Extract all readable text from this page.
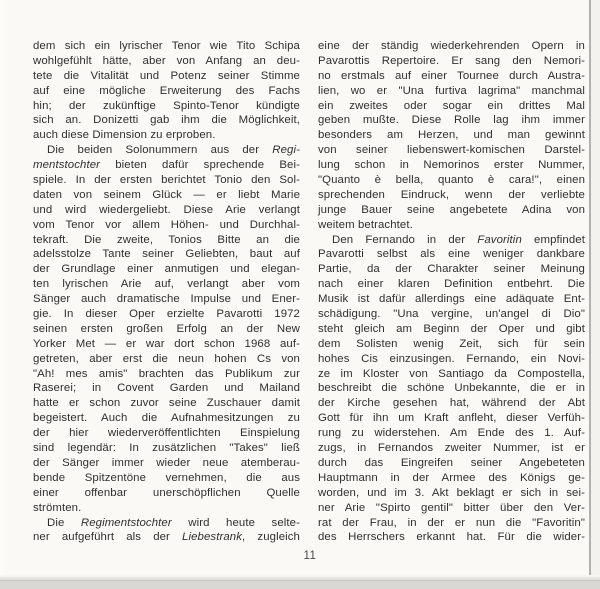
dem sich ein lyrischer Tenor wie Tito Schipa
wohlgefühlt hätte, aber von Anfang an deu-
tete die Vitalität und Potenz seiner Stimme
auf eine mögliche Erweiterung des Fachs
hin; der zukünftige Spinto-Tenor kündigte
sich an. Donizetti gab ihm die Möglichkeit,
auch diese Dimension zu erproben.
Die beiden Solonummern aus der Regi-
mentstochter bieten dafür sprechende Bei-
spiele. In der ersten berichtet Tonio den Sol-
daten von seinem Glück — er liebt Marie
und wird wiedergeliebt. Diese Arie verlangt
vom Tenor vor allem Höhen- und Durchhal-
tekraft. Die zweite, Tonios Bitte an die
adelsstolze Tante seiner Geliebten, baut auf
der Grundlage einer anmutigen und elegan-
ten lyrischen Arie auf, verlangt aber vom
Sänger auch dramatische Impulse und Ener-
gie. In dieser Oper erzielte Pavarotti 1972
seinen ersten großen Erfolg an der New
Yorker Met — er war dort schon 1968 auf-
getreten, aber erst die neun hohen Cs von
"Ah! mes amis" brachten das Publikum zur
Raserei; in Covent Garden und Mailand
hatte er schon zuvor seine Zuschauer damit
begeistert. Auch die Aufnahmesitzungen zu
der hier wiederveröffentlichten Einspielung
sind legendär: In zusätzlichen "Takes" ließ
der Sänger immer wieder neue atemberau-
bende Spitzentöne vernehmen, die aus
einer offenbar unerschöpflichen Quelle
strömten.
Die Regimentstochter wird heute selte-
ner aufgeführt als der Liebestrank, zugleich
eine der ständig wiederkehrenden Opern in
Pavarottis Repertoire. Er sang den Nemori-
no erstmals auf einer Tournee durch Austra-
lien, wo er "Una furtiva lagrima" manchmal
ein zweites oder sogar ein drittes Mal
geben mußte. Diese Rolle lag ihm immer
besonders am Herzen, und man gewinnt
von seiner liebenswert-komischen Darstel-
lung schon in Nemorinos erster Nummer,
"Quanto è bella, quanto è cara!", einen
sprechenden Eindruck, wenn der verliebte
junge Bauer seine angebetete Adina von
weitem betrachtet.
Den Fernando in der Favoritin empfindet
Pavarotti selbst als eine weniger dankbare
Partie, da der Charakter seiner Meinung
nach einer klaren Definition entbehrt. Die
Musik ist dafür allerdings eine adäquate Ent-
schädigung. "Una vergine, un'angel di Dio"
steht gleich am Beginn der Oper und gibt
dem Solisten wenig Zeit, sich für sein
hohes Cis einzusingen. Fernando, ein Novi-
ze im Kloster von Santiago da Compostella,
beschreibt die schöne Unbekannte, die er in
der Kirche gesehen hat, während der Abt
Gott für ihn um Kraft anfleht, dieser Verfüh-
rung zu widerstehen. Am Ende des 1. Auf-
zugs, in Fernandos zweiter Nummer, ist er
durch das Eingreifen seiner Angebeteten
Hauptmann in der Armee des Königs ge-
worden, und im 3. Akt beklagt er sich in sei-
ner Arie "Spirto gentil" bitter über den Ver-
rat der Frau, in der er nun die "Favoritin"
des Herrschers erkannt hat. Für die wider-
11
